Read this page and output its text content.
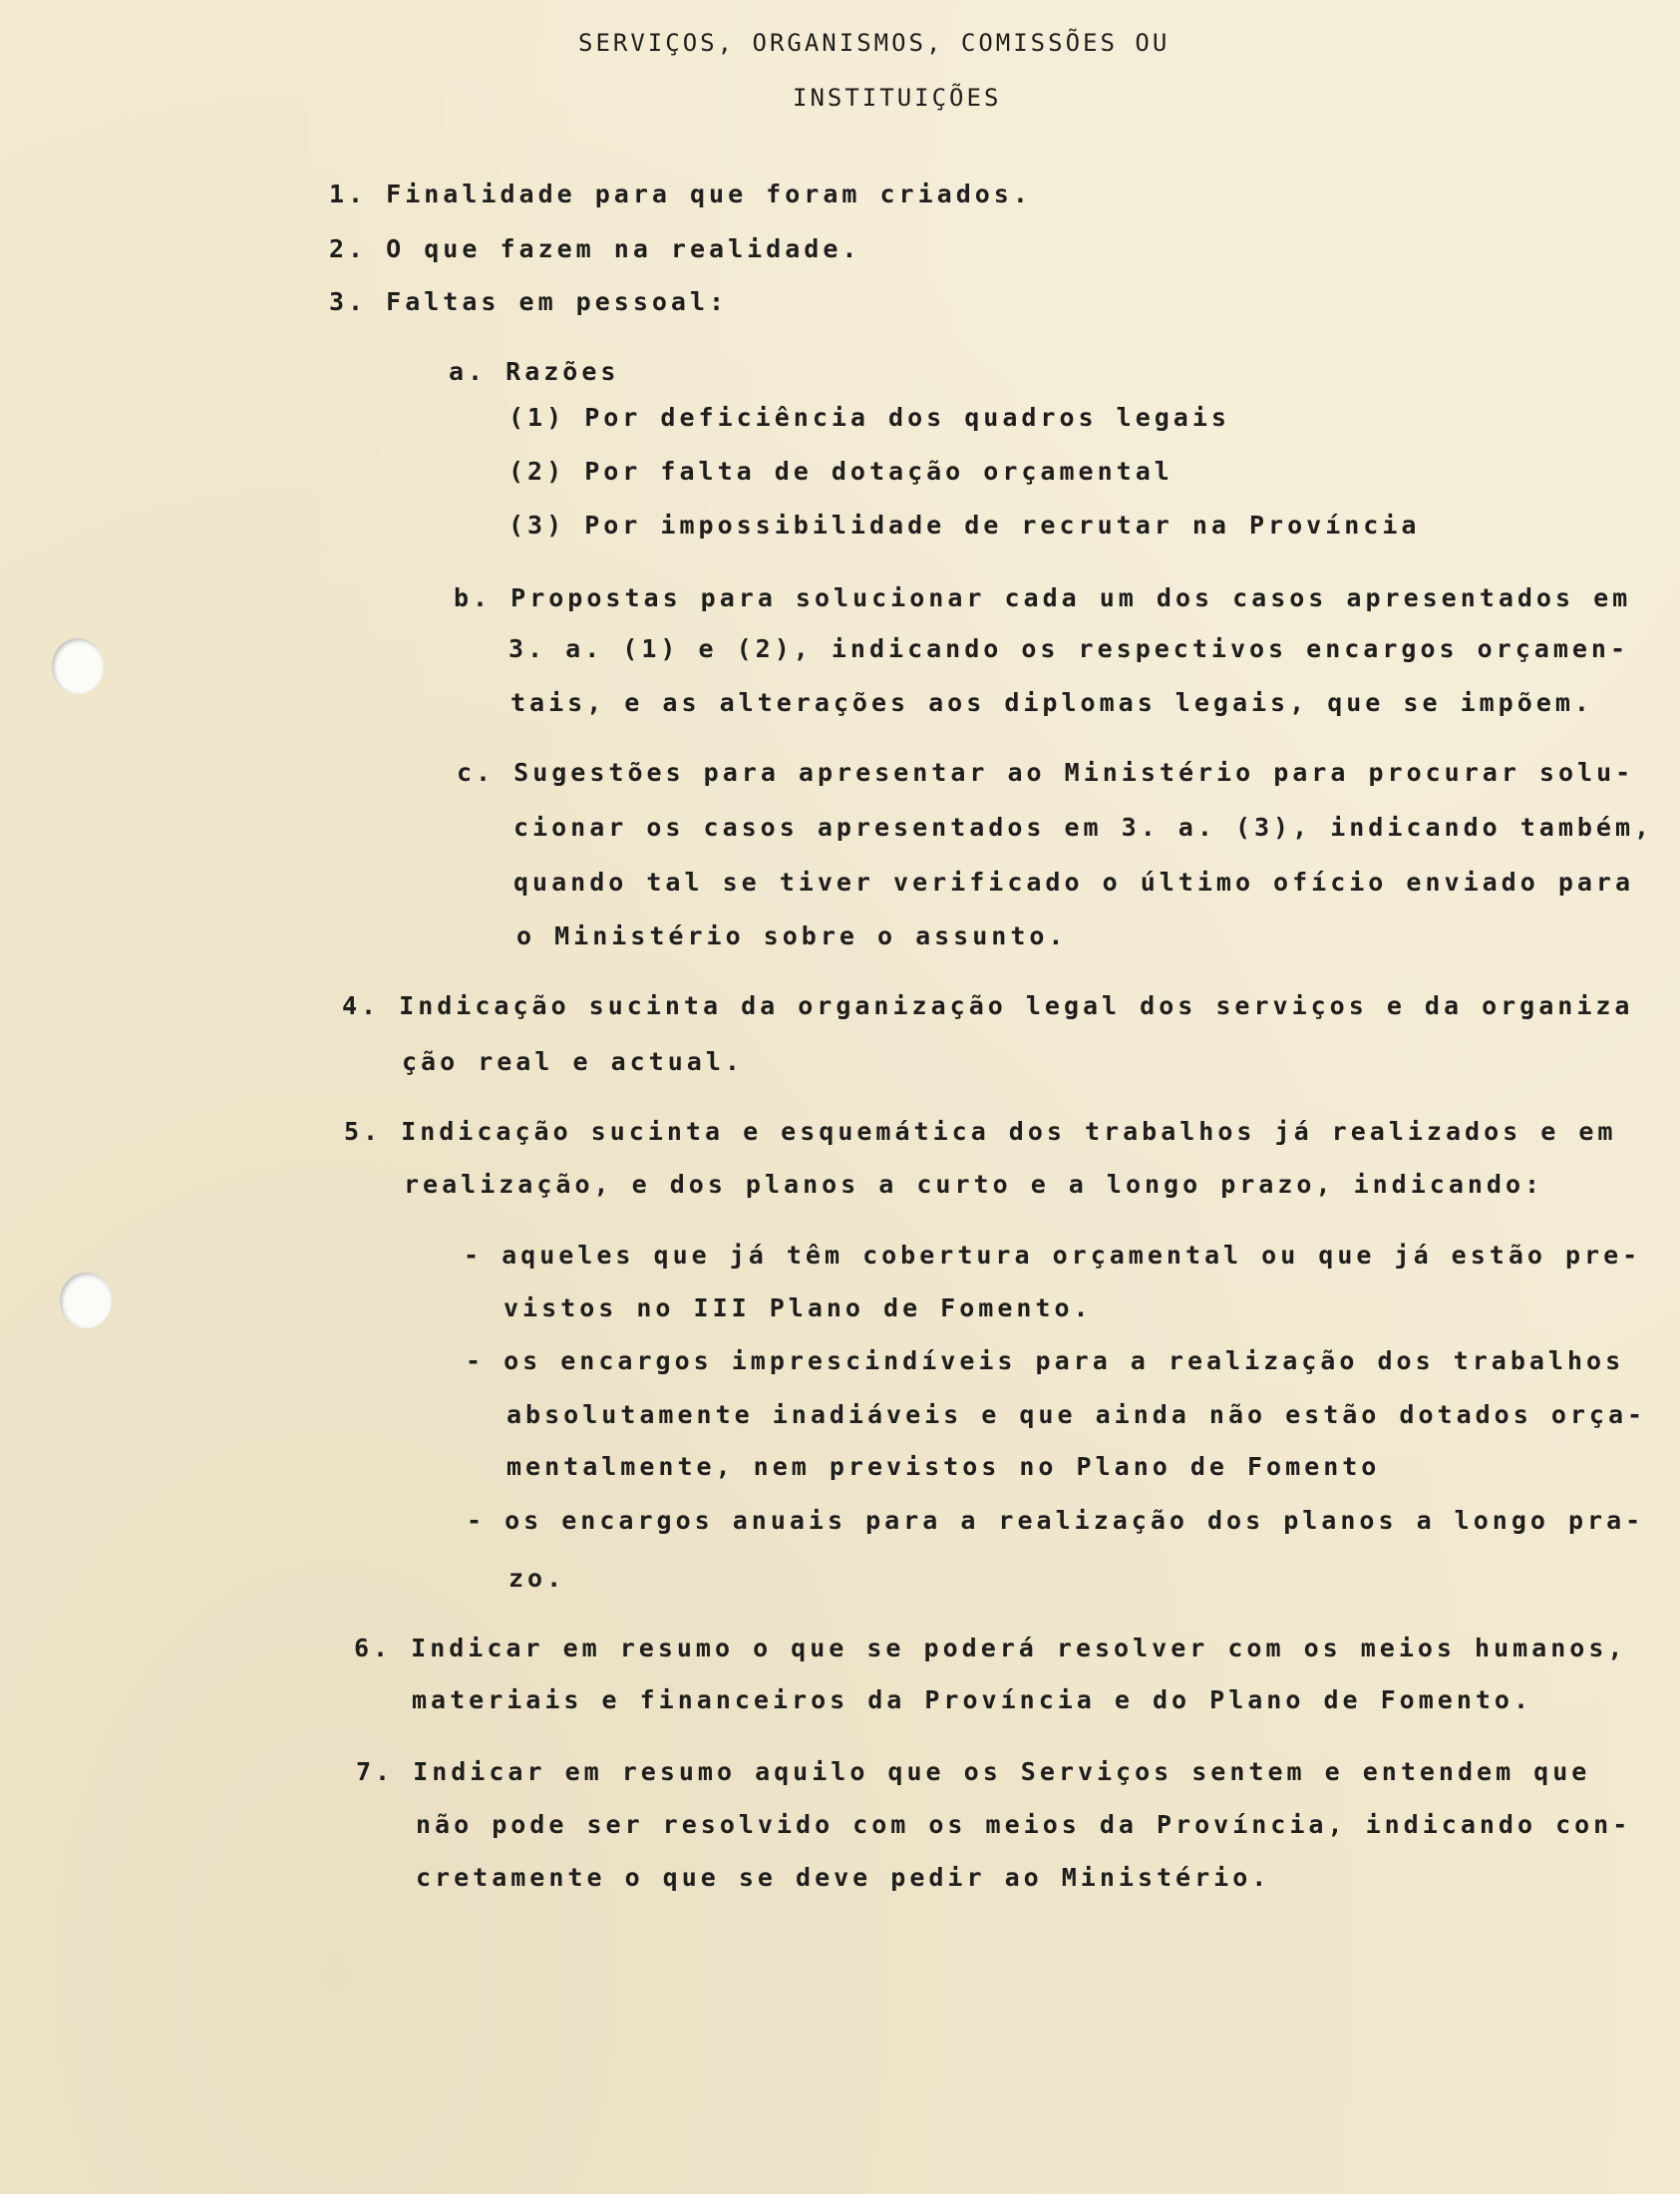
SERVIÇOS, ORGANISMOS, COMISSÕES OU
INSTITUIÇÕES
1. Finalidade para que foram criados.
2. O que fazem na realidade.
3. Faltas em pessoal:
a. Razões
(1) Por deficiência dos quadros legais
(2) Por falta de dotação orçamental
(3) Por impossibilidade de recrutar na Província
b. Propostas para solucionar cada um dos casos apresentados em
3. a. (1) e (2), indicando os respectivos encargos orçamen-
tais, e as alterações aos diplomas legais, que se impõem.
c. Sugestões para apresentar ao Ministério para procurar solu-
cionar os casos apresentados em 3. a. (3), indicando também,
quando tal se tiver verificado o último ofício enviado para
o Ministério sobre o assunto.
4. Indicação sucinta da organização legal dos serviços e da organiza
ção real e actual.
5. Indicação sucinta e esquemática dos trabalhos já realizados e em
realização, e dos planos a curto e a longo prazo, indicando:
- aqueles que já têm cobertura orçamental ou que já estão pre-
vistos no III Plano de Fomento.
- os encargos imprescindíveis para a realização dos trabalhos
absolutamente inadiáveis e que ainda não estão dotados orça-
mentalmente, nem previstos no Plano de Fomento
- os encargos anuais para a realização dos planos a longo pra-
zo.
6. Indicar em resumo o que se poderá resolver com os meios humanos,
materiais e financeiros da Província e do Plano de Fomento.
7. Indicar em resumo aquilo que os Serviços sentem e entendem que
não pode ser resolvido com os meios da Província, indicando con-
cretamente o que se deve pedir ao Ministério.
